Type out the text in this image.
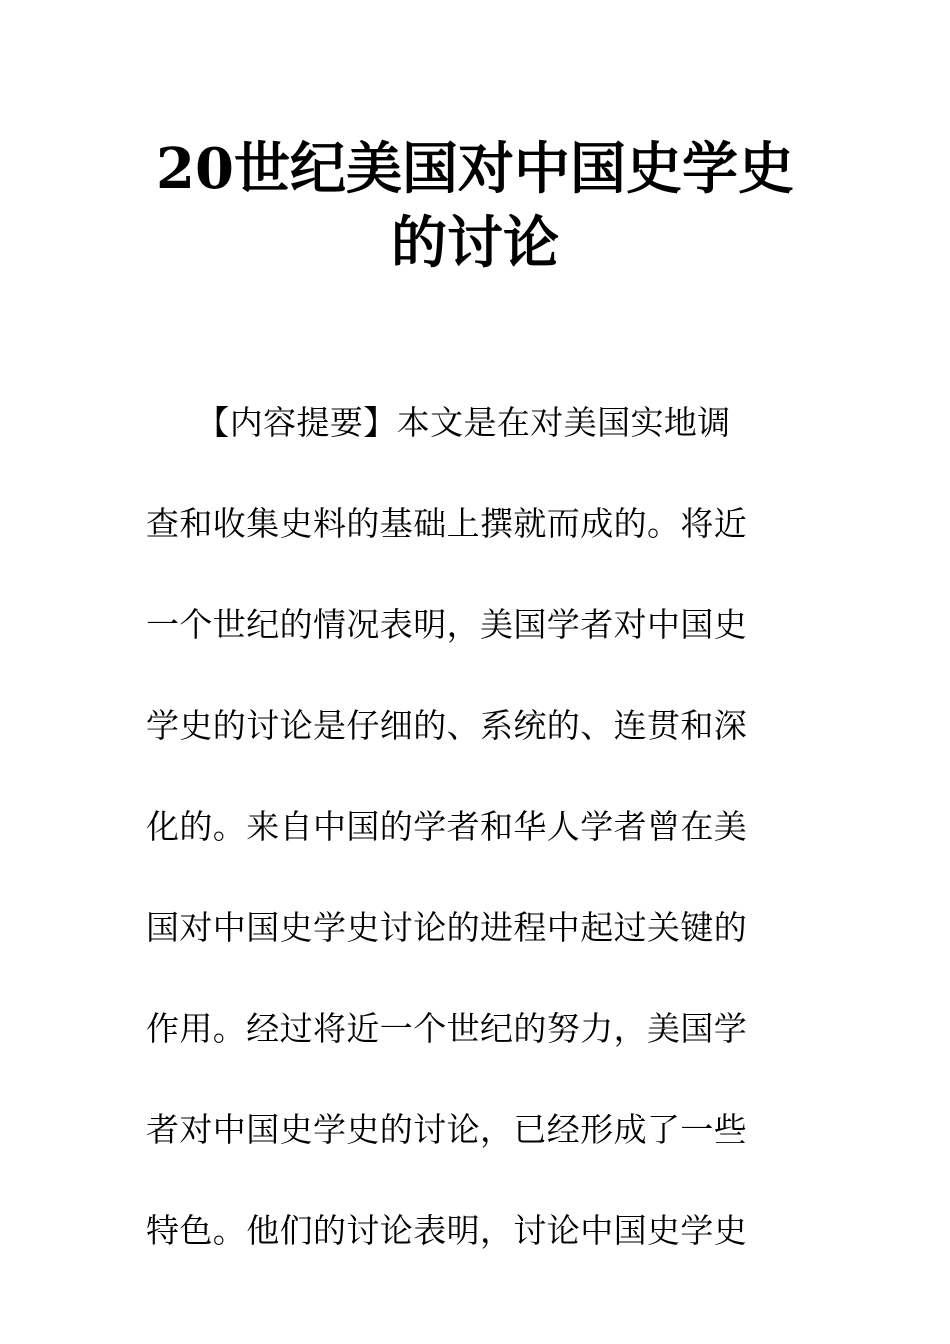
20世纪美国对中国史学史
的讨论
　　【内容提要】本文是在对美国实地调
查和收集史料的基础上撰就而成的。将近
一个世纪的情况表明，美国学者对中国史
学史的讨论是仔细的、系统的、连贯和深
化的。来自中国的学者和华人学者曾在美
国对中国史学史讨论的进程中起过关键的
作用。经过将近一个世纪的努力，美国学
者对中国史学史的讨论，已经形成了一些
特色。他们的讨论表明，讨论中国史学史
